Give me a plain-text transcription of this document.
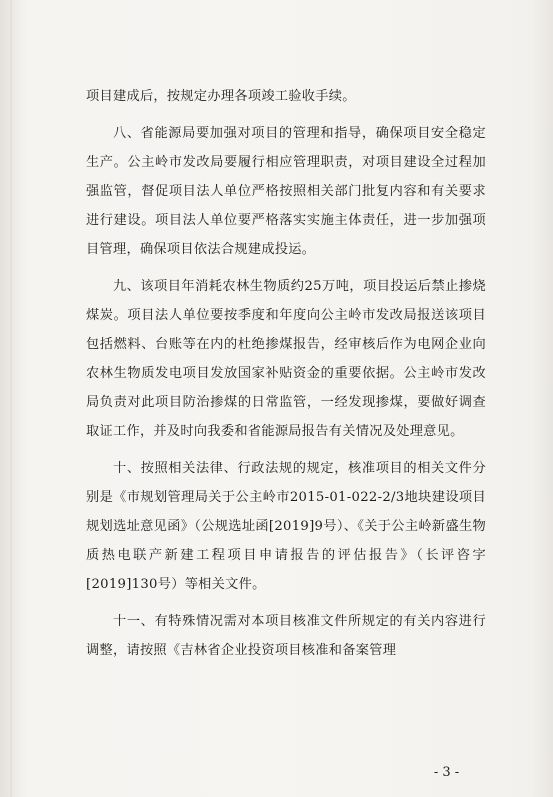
项目建成后，按规定办理各项竣工验收手续。

八、省能源局要加强对项目的管理和指导，确保项目安全稳定生产。公主岭市发改局要履行相应管理职责，对项目建设全过程加强监管，督促项目法人单位严格按照相关部门批复内容和有关要求进行建设。项目法人单位要严格落实实施主体责任，进一步加强项目管理，确保项目依法合规建成投运。

九、该项目年消耗农林生物质约25万吨，项目投运后禁止掺烧煤炭。项目法人单位要按季度和年度向公主岭市发改局报送该项目包括燃料、台账等在内的杜绝掺煤报告，经审核后作为电网企业向农林生物质发电项目发放国家补贴资金的重要依据。公主岭市发改局负责对此项目防治掺煤的日常监管，一经发现掺煤，要做好调查取证工作，并及时向我委和省能源局报告有关情况及处理意见。

十、按照相关法律、行政法规的规定，核准项目的相关文件分别是《市规划管理局关于公主岭市2015-01-022-2/3地块建设项目规划选址意见函》（公规选址函[2019]9号）、《关于公主岭新盛生物质热电联产新建工程项目申请报告的评估报告》（长评咨字[2019]130号）等相关文件。

十一、有特殊情况需对本项目核准文件所规定的有关内容进行调整，请按照《吉林省企业投资项目核准和备案管理

- 3 -
